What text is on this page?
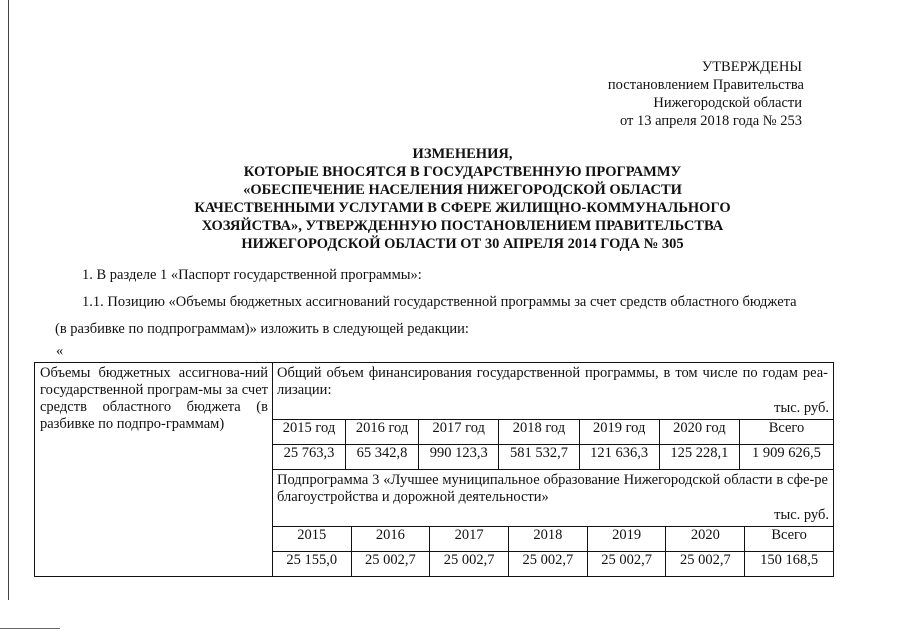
УТВЕРЖДЕНЫ
постановлением Правительства
Нижегородской области
от 13 апреля 2018 года № 253
ИЗМЕНЕНИЯ,
КОТОРЫЕ ВНОСЯТСЯ В ГОСУДАРСТВЕННУЮ ПРОГРАММУ
«ОБЕСПЕЧЕНИЕ НАСЕЛЕНИЯ НИЖЕГОРОДСКОЙ ОБЛАСТИ
КАЧЕСТВЕННЫМИ УСЛУГАМИ В СФЕРЕ ЖИЛИЩНО-КОММУНАЛЬНОГО
ХОЗЯЙСТВА», УТВЕРЖДЕННУЮ ПОСТАНОВЛЕНИЕМ ПРАВИТЕЛЬСТВА
НИЖЕГОРОДСКОЙ ОБЛАСТИ ОТ 30 АПРЕЛЯ 2014 ГОДА № 305
1. В разделе 1 «Паспорт государственной программы»:
1.1. Позицию «Объемы бюджетных ассигнований государственной программы за счет средств областного бюджета
(в разбивке по подпрограммам)» изложить в следующей редакции:
«
Объемы бюджетных ассигнова-ний государственной програм-мы за счет средств областного бюджета (в разбивке по подпро-граммам)	
Общий объем финансирования государственной программы, в том числе по годам реа-лизации:
тыс. руб.
2015 год	2016 год	2017 год	2018 год	2019 год	2020 год	Всего
25 763,3	65 342,8	990 123,3	581 532,7	121 636,3	125 228,1	1 909 626,5
Подпрограмма 3 «Лучшее муниципальное образование Нижегородской области в сфе-ре благоустройства и дорожной деятельности»
тыс. руб.
2015	2016	2017	2018	2019	2020	Всего
25 155,0	25 002,7	25 002,7	25 002,7	25 002,7	25 002,7	150 168,5
